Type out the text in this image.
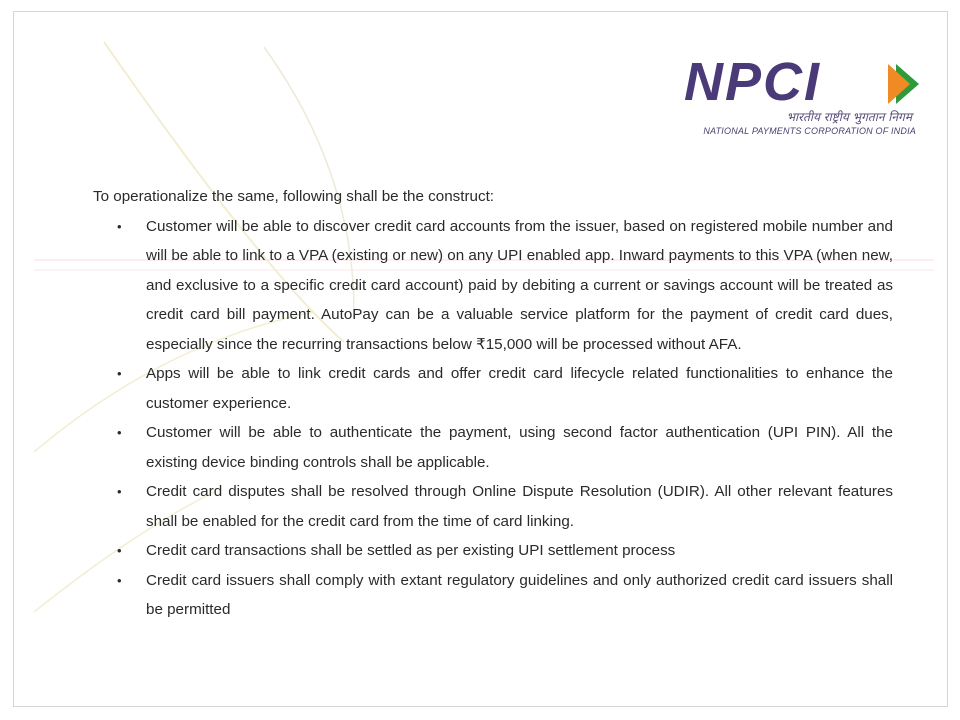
NPCI
भारतीय राष्ट्रीय भुगतान निगम
NATIONAL PAYMENTS CORPORATION OF INDIA

To operationalize the same, following shall be the construct:

• Customer will be able to discover credit card accounts from the issuer, based on registered mobile number and will be able to link to a VPA (existing or new) on any UPI enabled app. Inward payments to this VPA (when new, and exclusive to a specific credit card account) paid by debiting a current or savings account will be treated as credit card bill payment. AutoPay can be a valuable service platform for the payment of credit card dues, especially since the recurring transactions below ₹15,000 will be processed without AFA.
• Apps will be able to link credit cards and offer credit card lifecycle related functionalities to enhance the customer experience.
• Customer will be able to authenticate the payment, using second factor authentication (UPI PIN). All the existing device binding controls shall be applicable.
• Credit card disputes shall be resolved through Online Dispute Resolution (UDIR). All other relevant features shall be enabled for the credit card from the time of card linking.
• Credit card transactions shall be settled as per existing UPI settlement process
• Credit card issuers shall comply with extant regulatory guidelines and only authorized credit card issuers shall be permitted
